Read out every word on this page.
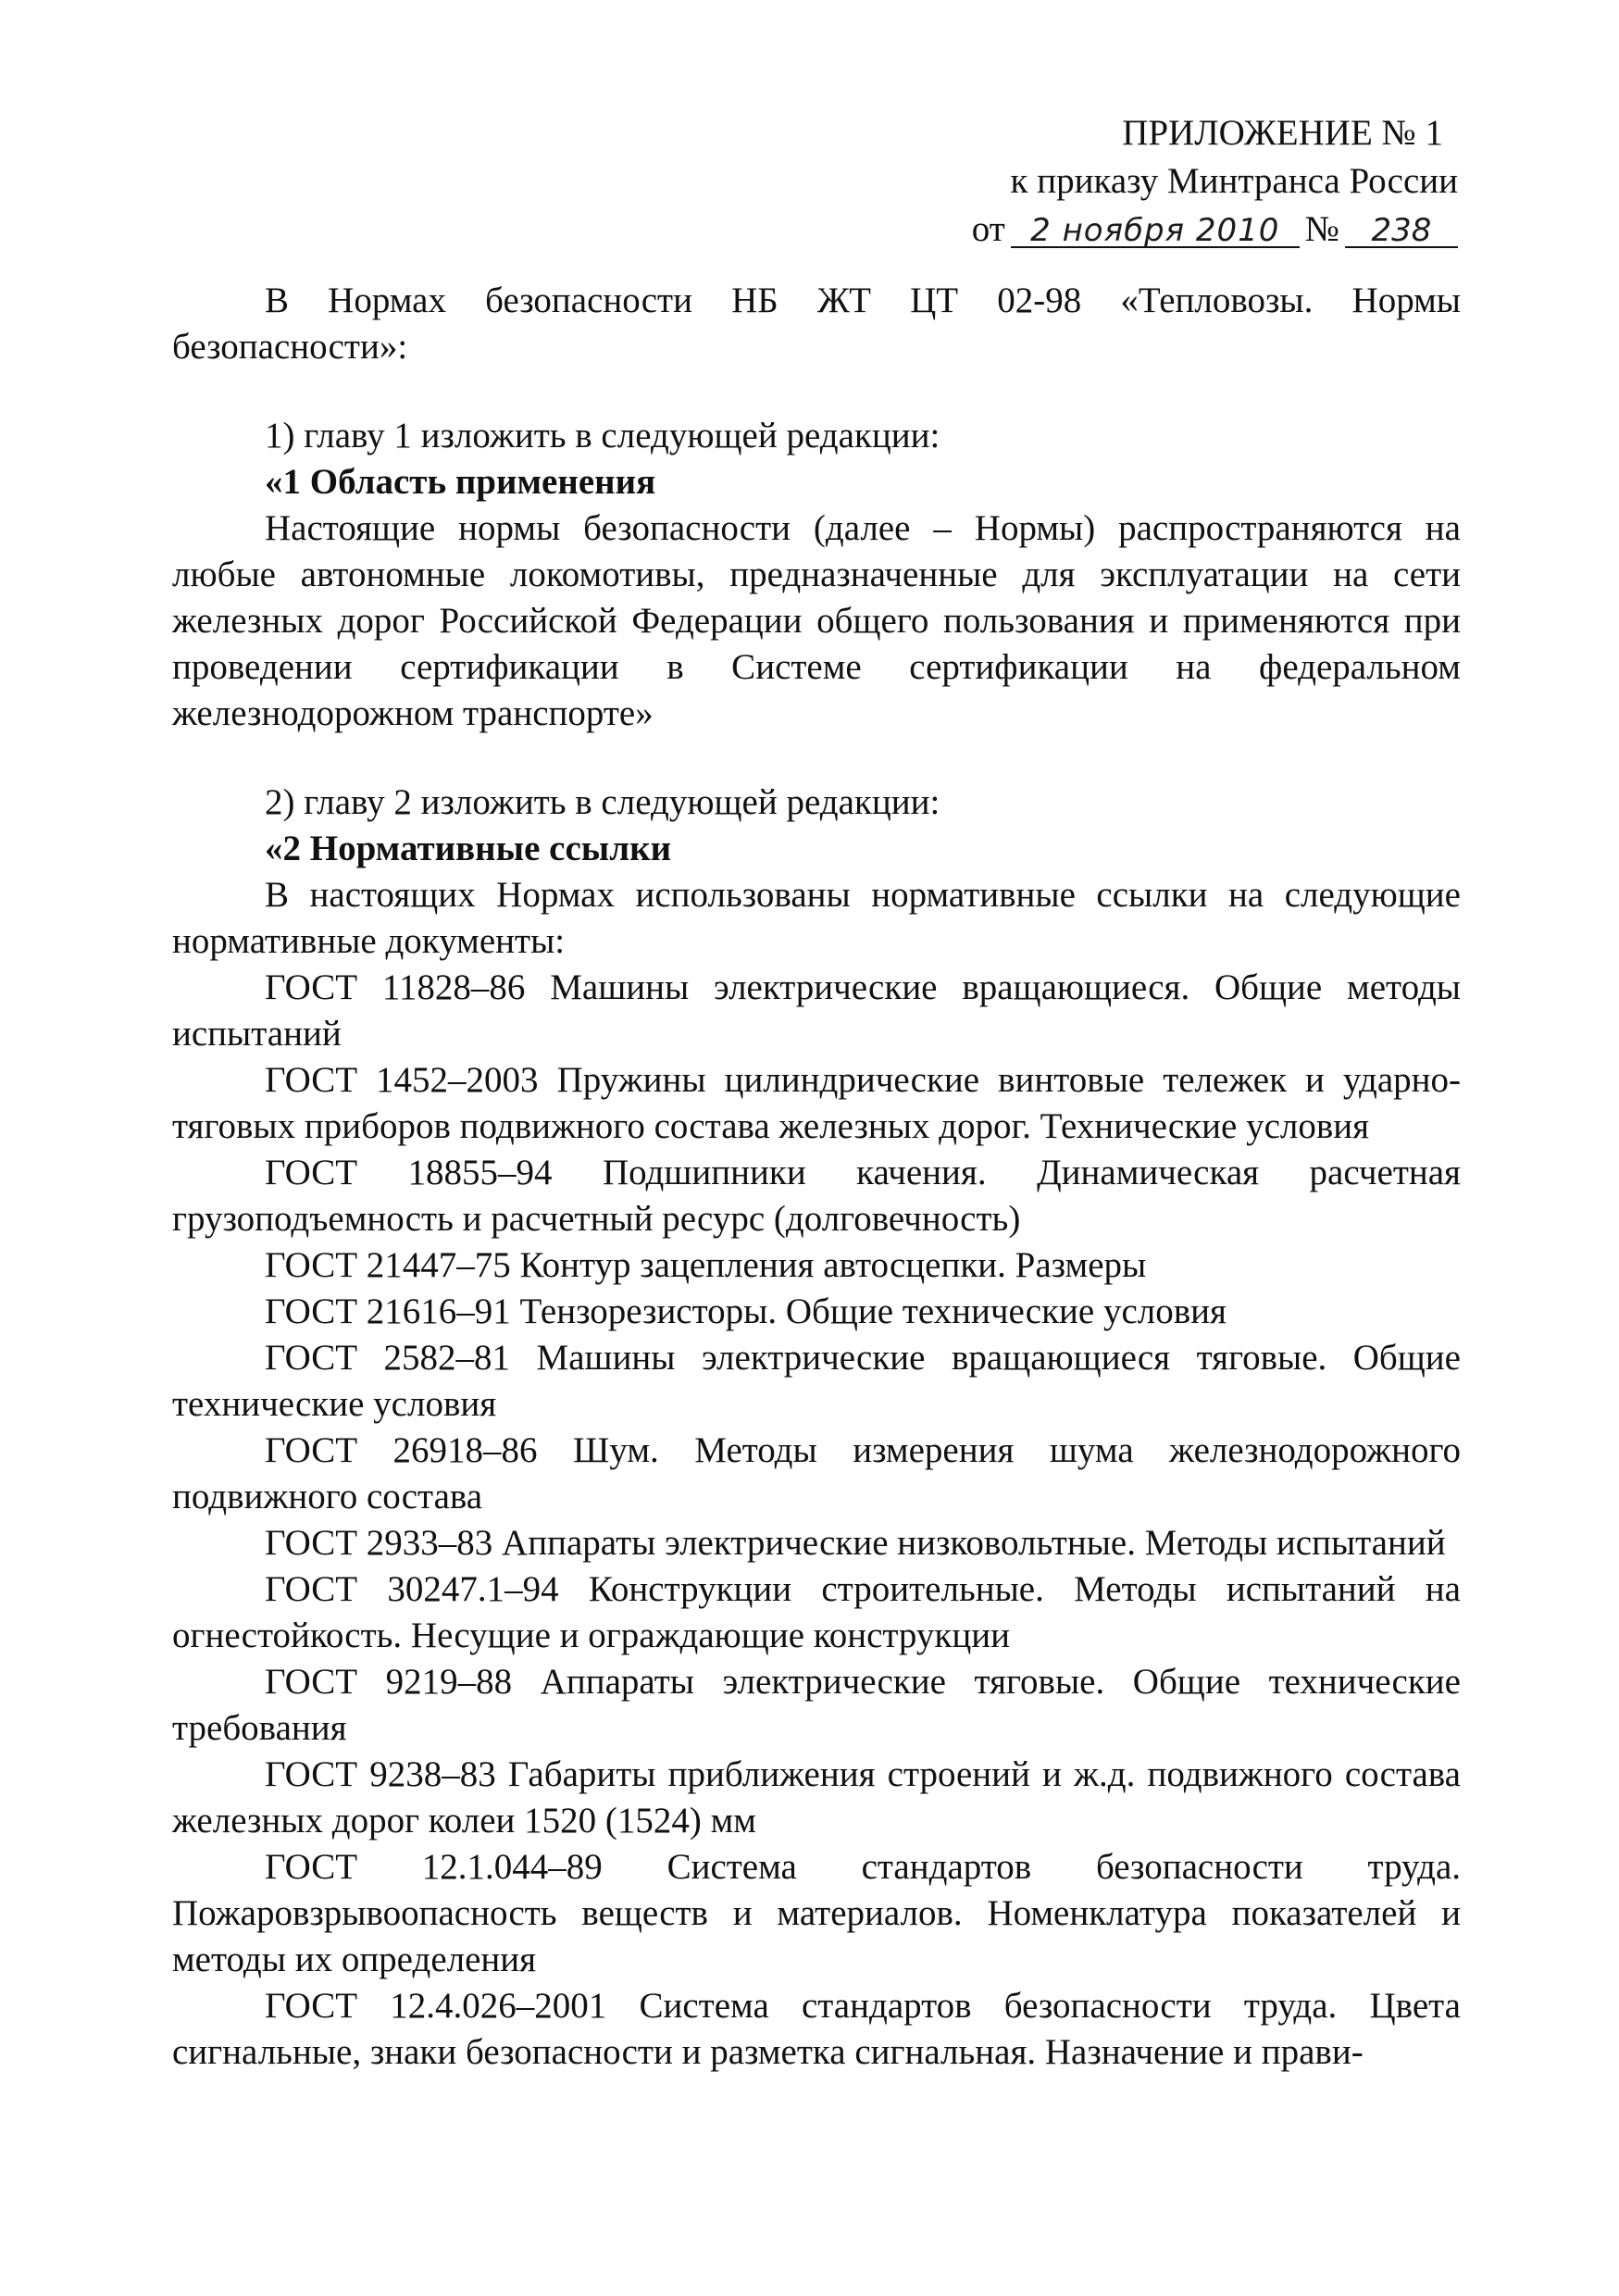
ПРИЛОЖЕНИЕ № 1
к приказу Минтранса России
от 2 ноября 2010 №	238

В Нормах безопасности НБ ЖТ ЦТ 02-98 «Тепловозы. Нормы безопасности»:

1) главу 1 изложить в следующей редакции:

«1 Область применения

Настоящие нормы безопасности (далее – Нормы) распространяются на любые автономные локомотивы, предназначенные для эксплуатации на сети железных дорог Российской Федерации общего пользования и применяются при проведении сертификации в Системе сертификации на федеральном железнодорожном транспорте»

2) главу 2 изложить в следующей редакции:

«2 Нормативные ссылки

В настоящих Нормах использованы нормативные ссылки на следующие нормативные документы:

ГОСТ 11828–86 Машины электрические вращающиеся. Общие методы испытаний

ГОСТ 1452–2003 Пружины цилиндрические винтовые тележек и ударно-тяговых приборов подвижного состава железных дорог. Технические условия

ГОСТ 18855–94 Подшипники качения. Динамическая расчетная грузоподъемность и расчетный ресурс (долговечность)

ГОСТ 21447–75 Контур зацепления автосцепки. Размеры

ГОСТ 21616–91 Тензорезисторы. Общие технические условия

ГОСТ 2582–81 Машины электрические вращающиеся тяговые. Общие технические условия

ГОСТ 26918–86 Шум. Методы измерения шума железнодорожного подвижного состава

ГОСТ 2933–83 Аппараты электрические низковольтные. Методы испытаний

ГОСТ 30247.1–94 Конструкции строительные. Методы испытаний на огнестойкость. Несущие и ограждающие конструкции

ГОСТ 9219–88 Аппараты электрические тяговые. Общие технические требования

ГОСТ 9238–83 Габариты приближения строений и ж.д. подвижного состава железных дорог колеи 1520 (1524) мм

ГОСТ 12.1.044–89 Система стандартов безопасности труда. Пожаровзрывоопасность веществ и материалов. Номенклатура показателей и методы их определения

ГОСТ 12.4.026–2001 Система стандартов безопасности труда. Цвета сигнальные, знаки безопасности и разметка сигнальная. Назначение и прави-
